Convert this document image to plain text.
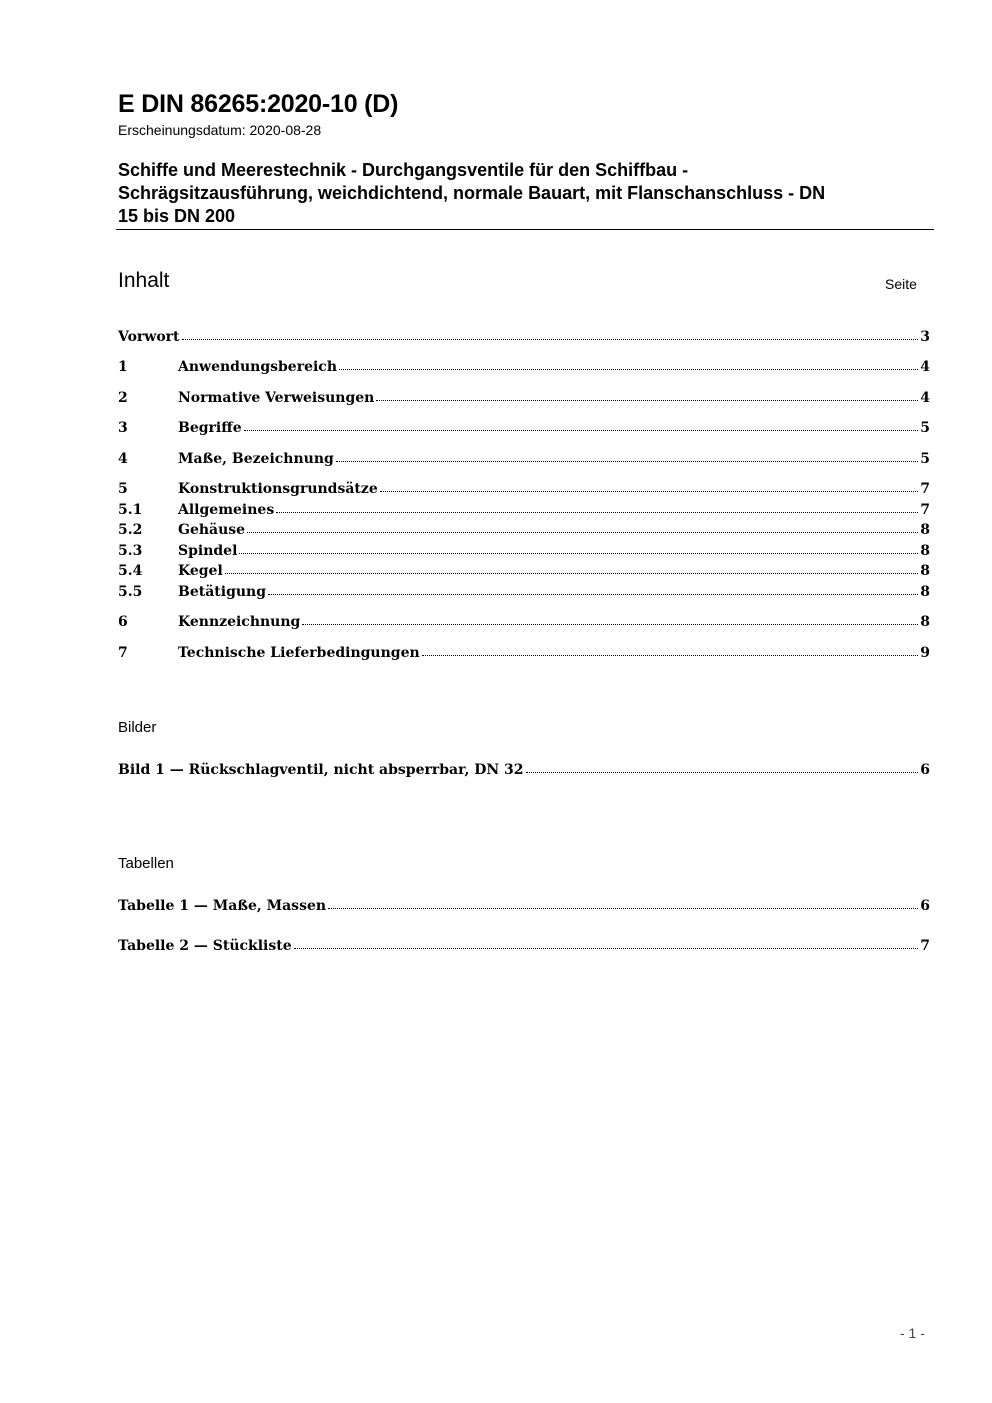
E DIN 86265:2020-10 (D)
Erscheinungsdatum: 2020-08-28
Schiffe und Meerestechnik - Durchgangsventile für den Schiffbau -
Schrägsitzausführung, weichdichtend, normale Bauart, mit Flanschanschluss - DN
15 bis DN 200
Inhalt	Seite
Vorwort	3
1	Anwendungsbereich	4
2	Normative Verweisungen	4
3	Begriffe	5
4	Maße, Bezeichnung	5
5	Konstruktionsgrundsätze	7
5.1	Allgemeines	7
5.2	Gehäuse	8
5.3	Spindel	8
5.4	Kegel	8
5.5	Betätigung	8
6	Kennzeichnung	8
7	Technische Lieferbedingungen	9
Bilder
Bild 1 — Rückschlagventil, nicht absperrbar, DN 32	6
Tabellen
Tabelle 1 — Maße, Massen	6
Tabelle 2 — Stückliste	7
- 1 -
